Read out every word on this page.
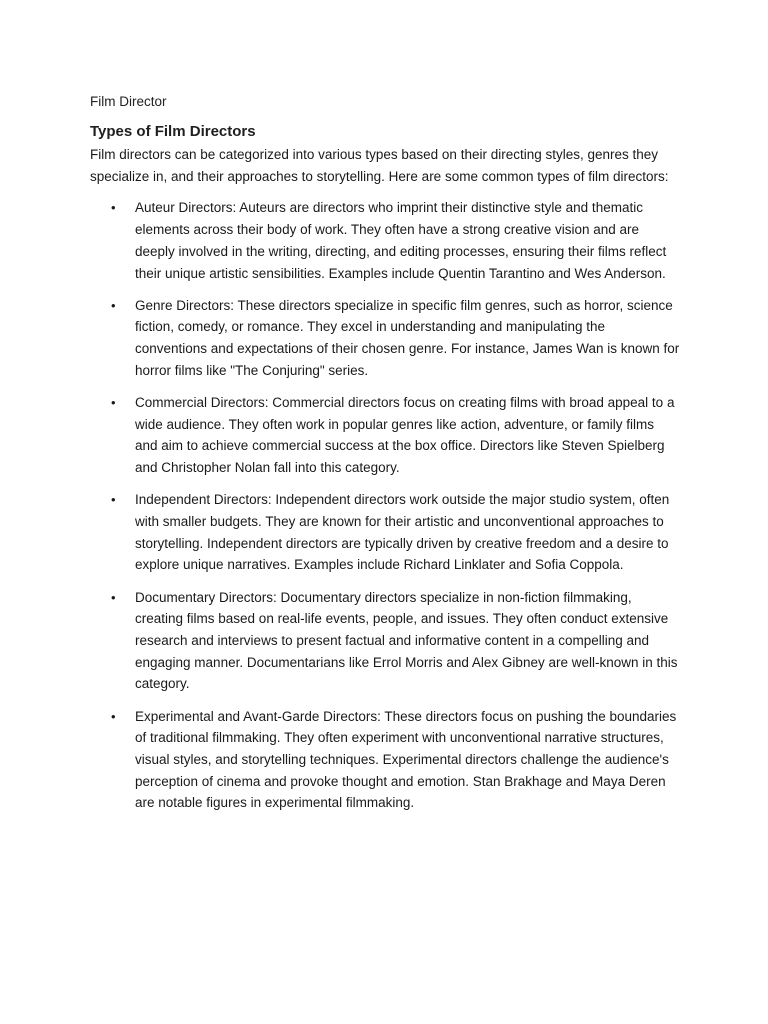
Film Director
Types of Film Directors
Film directors can be categorized into various types based on their directing styles, genres they specialize in, and their approaches to storytelling. Here are some common types of film directors:
• Auteur Directors: Auteurs are directors who imprint their distinctive style and thematic elements across their body of work. They often have a strong creative vision and are deeply involved in the writing, directing, and editing processes, ensuring their films reflect their unique artistic sensibilities. Examples include Quentin Tarantino and Wes Anderson.
• Genre Directors: These directors specialize in specific film genres, such as horror, science fiction, comedy, or romance. They excel in understanding and manipulating the conventions and expectations of their chosen genre. For instance, James Wan is known for horror films like "The Conjuring" series.
• Commercial Directors: Commercial directors focus on creating films with broad appeal to a wide audience. They often work in popular genres like action, adventure, or family films and aim to achieve commercial success at the box office. Directors like Steven Spielberg and Christopher Nolan fall into this category.
• Independent Directors: Independent directors work outside the major studio system, often with smaller budgets. They are known for their artistic and unconventional approaches to storytelling. Independent directors are typically driven by creative freedom and a desire to explore unique narratives. Examples include Richard Linklater and Sofia Coppola.
• Documentary Directors: Documentary directors specialize in non-fiction filmmaking, creating films based on real-life events, people, and issues. They often conduct extensive research and interviews to present factual and informative content in a compelling and engaging manner. Documentarians like Errol Morris and Alex Gibney are well-known in this category.
• Experimental and Avant-Garde Directors: These directors focus on pushing the boundaries of traditional filmmaking. They often experiment with unconventional narrative structures, visual styles, and storytelling techniques. Experimental directors challenge the audience's perception of cinema and provoke thought and emotion. Stan Brakhage and Maya Deren are notable figures in experimental filmmaking.
